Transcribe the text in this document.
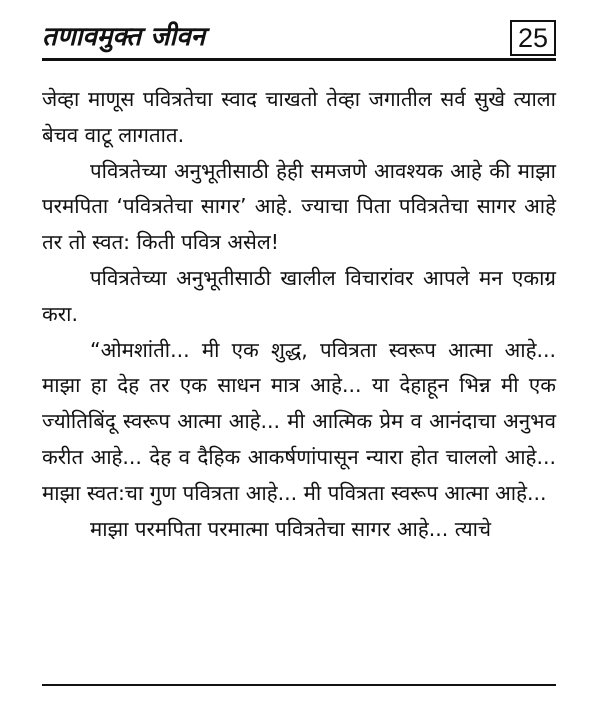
तणावमुक्त जीवन	25

जेव्हा माणूस पवित्रतेचा स्वाद चाखतो तेव्हा जगातील सर्व सुखे त्याला बेचव वाटू लागतात.

पवित्रतेच्या अनुभूतीसाठी हेही समजणे आवश्यक आहे की माझा परमपिता ‘पवित्रतेचा सागर’ आहे. ज्याचा पिता पवित्रतेचा सागर आहे तर तो स्वत: किती पवित्र असेल!

पवित्रतेच्या अनुभूतीसाठी खालील विचारांवर आपले मन एकाग्र करा.

“ओमशांती... मी एक शुद्ध, पवित्रता स्वरूप आत्मा आहे... माझा हा देह तर एक साधन मात्र आहे... या देहाहून भिन्न मी एक ज्योतिबिंदू स्वरूप आत्मा आहे... मी आत्मिक प्रेम व आनंदाचा अनुभव करीत आहे... देह व दैहिक आकर्षणांपासून न्यारा होत चाललो आहे... माझा स्वत:चा गुण पवित्रता आहे... मी पवित्रता स्वरूप आत्मा आहे...

माझा परमपिता परमात्मा पवित्रतेचा सागर आहे... त्याचे
